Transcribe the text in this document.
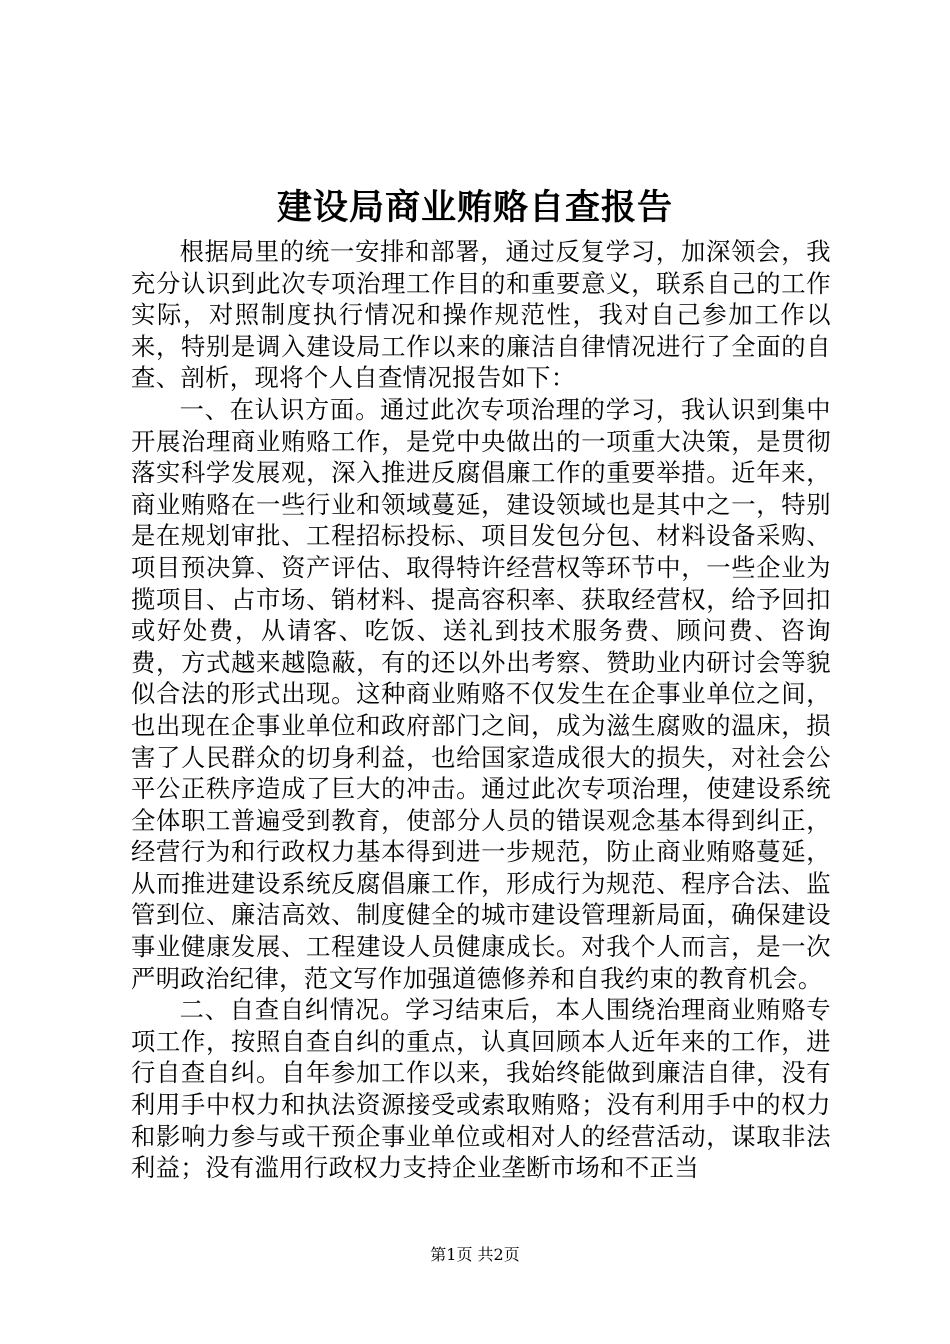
建设局商业贿赂自查报告

根据局里的统一安排和部署，通过反复学习，加深领会，我充分认识到此次专项治理工作目的和重要意义，联系自己的工作实际，对照制度执行情况和操作规范性，我对自己参加工作以来，特别是调入建设局工作以来的廉洁自律情况进行了全面的自查、剖析，现将个人自查情况报告如下：

一、在认识方面。通过此次专项治理的学习，我认识到集中开展治理商业贿赂工作，是党中央做出的一项重大决策，是贯彻落实科学发展观，深入推进反腐倡廉工作的重要举措。近年来，商业贿赂在一些行业和领域蔓延，建设领域也是其中之一，特别是在规划审批、工程招标投标、项目发包分包、材料设备采购、项目预决算、资产评估、取得特许经营权等环节中，一些企业为揽项目、占市场、销材料、提高容积率、获取经营权，给予回扣或好处费，从请客、吃饭、送礼到技术服务费、顾问费、咨询费，方式越来越隐蔽，有的还以外出考察、赞助业内研讨会等貌似合法的形式出现。这种商业贿赂不仅发生在企事业单位之间，也出现在企事业单位和政府部门之间，成为滋生腐败的温床，损害了人民群众的切身利益，也给国家造成很大的损失，对社会公平公正秩序造成了巨大的冲击。通过此次专项治理，使建设系统全体职工普遍受到教育，使部分人员的错误观念基本得到纠正，经营行为和行政权力基本得到进一步规范，防止商业贿赂蔓延，从而推进建设系统反腐倡廉工作，形成行为规范、程序合法、监管到位、廉洁高效、制度健全的城市建设管理新局面，确保建设事业健康发展、工程建设人员健康成长。对我个人而言，是一次严明政治纪律，范文写作加强道德修养和自我约束的教育机会。

二、自查自纠情况。学习结束后，本人围绕治理商业贿赂专项工作，按照自查自纠的重点，认真回顾本人近年来的工作，进行自查自纠。自年参加工作以来，我始终能做到廉洁自律，没有利用手中权力和执法资源接受或索取贿赂；没有利用手中的权力和影响力参与或干预企事业单位或相对人的经营活动，谋取非法利益；没有滥用行政权力支持企业垄断市场和不正当

第1页 共2页
